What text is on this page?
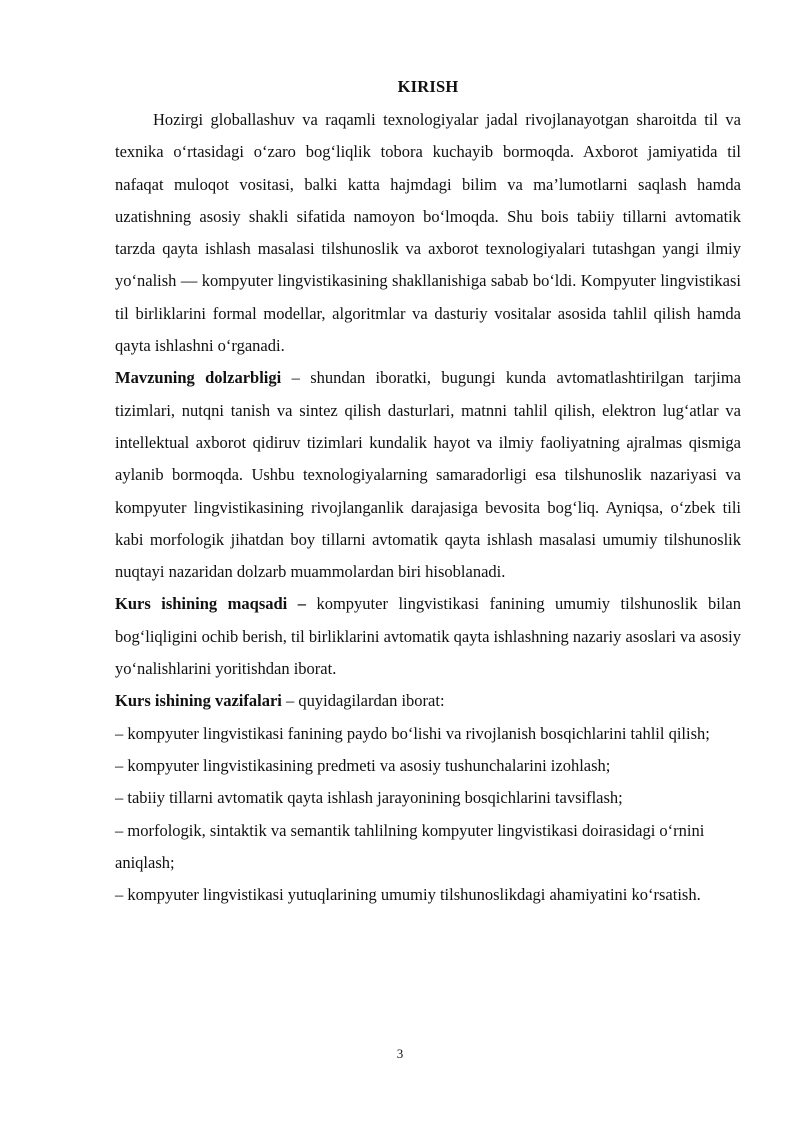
KIRISH

Hozirgi globallashuv va raqamli texnologiyalar jadal rivojlanayotgan sharoitda til va texnika o‘rtasidagi o‘zaro bog‘liqlik tobora kuchayib bormoqda. Axborot jamiyatida til nafaqat muloqot vositasi, balki katta hajmdagi bilim va ma’lumotlarni saqlash hamda uzatishning asosiy shakli sifatida namoyon bo‘lmoqda. Shu bois tabiiy tillarni avtomatik tarzda qayta ishlash masalasi tilshunoslik va axborot texnologiyalari tutashgan yangi ilmiy yo‘nalish — kompyuter lingvistikasining shakllanishiga sabab bo‘ldi. Kompyuter lingvistikasi til birliklarini formal modellar, algoritmlar va dasturiy vositalar asosida tahlil qilish hamda qayta ishlashni o‘rganadi.

Mavzuning dolzarbligi – shundan iboratki, bugungi kunda avtomatlashtirilgan tarjima tizimlari, nutqni tanish va sintez qilish dasturlari, matnni tahlil qilish, elektron lug‘atlar va intellektual axborot qidiruv tizimlari kundalik hayot va ilmiy faoliyatning ajralmas qismiga aylanib bormoqda. Ushbu texnologiyalarning samaradorligi esa tilshunoslik nazariyasi va kompyuter lingvistikasining rivojlanganlik darajasiga bevosita bog‘liq. Ayniqsa, o‘zbek tili kabi morfologik jihatdan boy tillarni avtomatik qayta ishlash masalasi umumiy tilshunoslik nuqtayi nazaridan dolzarb muammolardan biri hisoblanadi.

Kurs ishining maqsadi – kompyuter lingvistikasi fanining umumiy tilshunoslik bilan bog‘liqligini ochib berish, til birliklarini avtomatik qayta ishlashning nazariy asoslari va asosiy yo‘nalishlarini yoritishdan iborat.

Kurs ishining vazifalari – quyidagilardan iborat:

– kompyuter lingvistikasi fanining paydo bo‘lishi va rivojlanish bosqichlarini tahlil qilish;

– kompyuter lingvistikasining predmeti va asosiy tushunchalarini izohlash;

– tabiiy tillarni avtomatik qayta ishlash jarayonining bosqichlarini tavsiflash;

– morfologik, sintaktik va semantik tahlilning kompyuter lingvistikasi doirasidagi o‘rnini aniqlash;

– kompyuter lingvistikasi yutuqlarining umumiy tilshunoslikdagi ahamiyatini ko‘rsatish.

3
